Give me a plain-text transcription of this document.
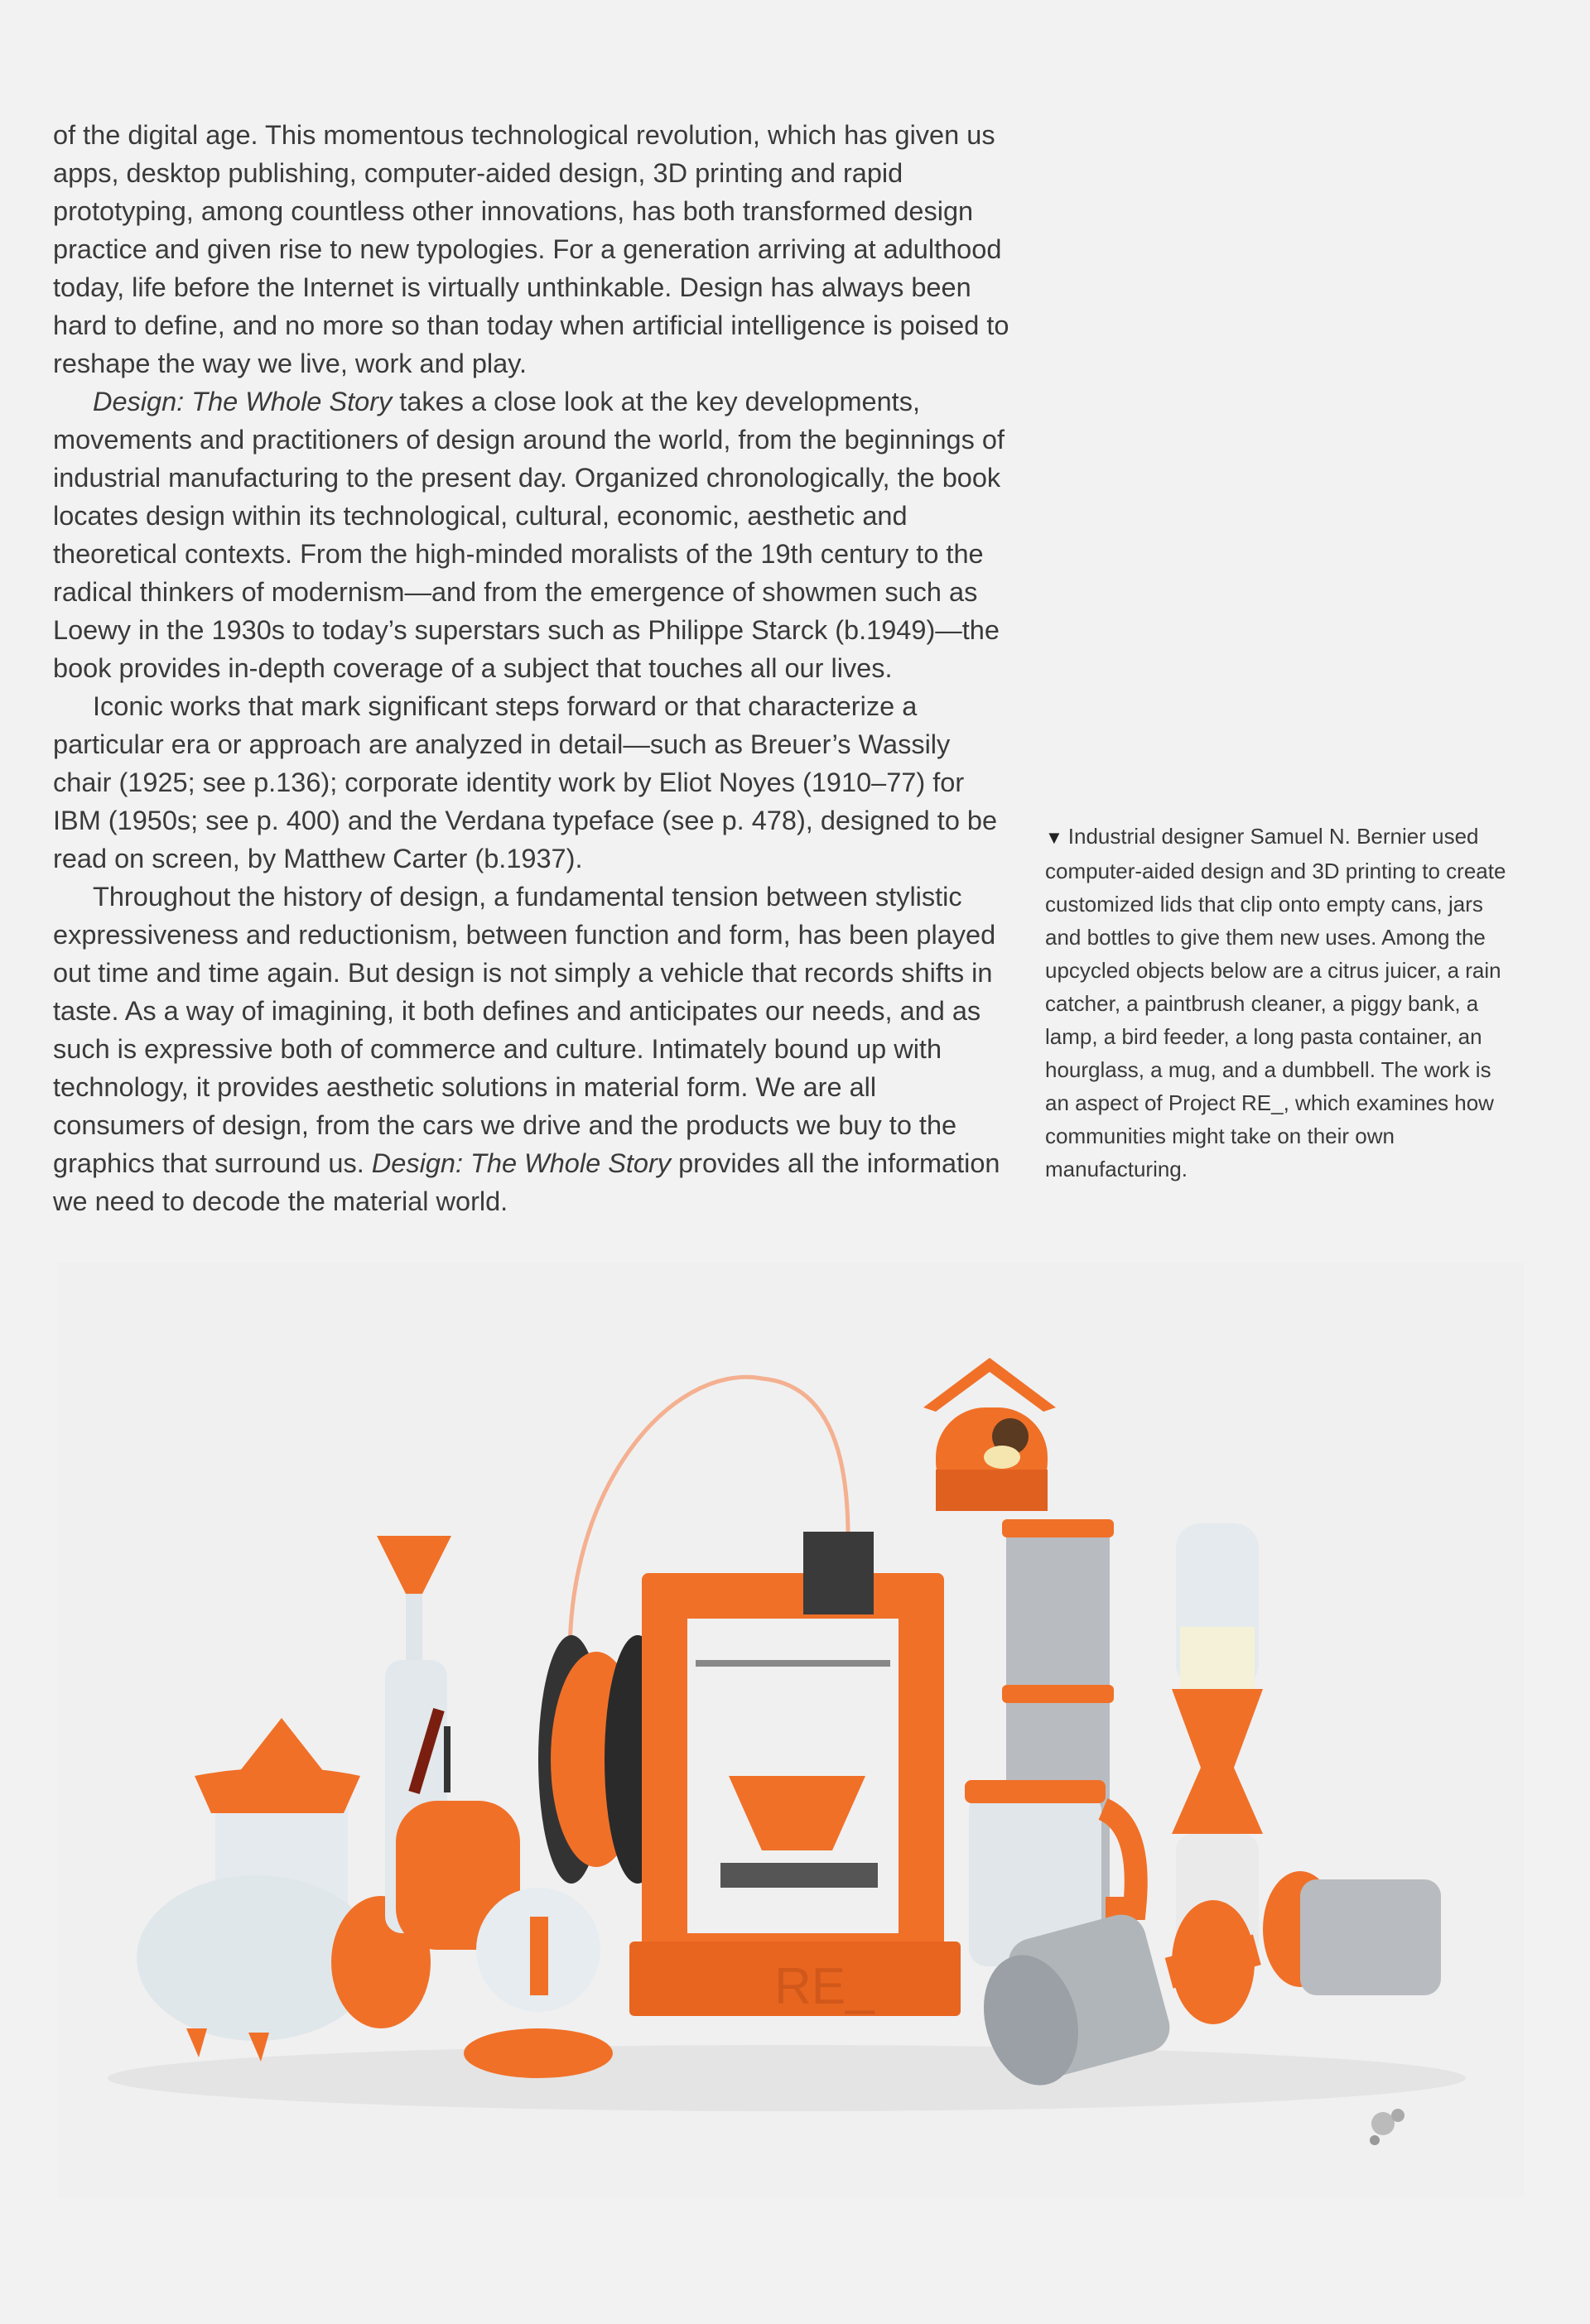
of the digital age. This momentous technological revolution, which has given us apps, desktop publishing, computer-aided design, 3D printing and rapid prototyping, among countless other innovations, has both transformed design practice and given rise to new typologies. For a generation arriving at adulthood today, life before the Internet is virtually unthinkable. Design has always been hard to define, and no more so than today when artificial intelligence is poised to reshape the way we live, work and play.

Design: The Whole Story takes a close look at the key developments, movements and practitioners of design around the world, from the beginnings of industrial manufacturing to the present day. Organized chronologically, the book locates design within its technological, cultural, economic, aesthetic and theoretical contexts. From the high-minded moralists of the 19th century to the radical thinkers of modernism—and from the emergence of showmen such as Loewy in the 1930s to today’s superstars such as Philippe Starck (b.1949)—the book provides in-depth coverage of a subject that touches all our lives.

Iconic works that mark significant steps forward or that characterize a particular era or approach are analyzed in detail—such as Breuer’s Wassily chair (1925; see p.136); corporate identity work by Eliot Noyes (1910–77) for IBM (1950s; see p. 400) and the Verdana typeface (see p. 478), designed to be read on screen, by Matthew Carter (b.1937).

Throughout the history of design, a fundamental tension between stylistic expressiveness and reductionism, between function and form, has been played out time and time again. But design is not simply a vehicle that records shifts in taste. As a way of imagining, it both defines and anticipates our needs, and as such is expressive both of commerce and culture. Intimately bound up with technology, it provides aesthetic solutions in material form. We are all consumers of design, from the cars we drive and the products we buy to the graphics that surround us. Design: The Whole Story provides all the information we need to decode the material world.

▼ Industrial designer Samuel N. Bernier used computer-aided design and 3D printing to create customized lids that clip onto empty cans, jars and bottles to give them new uses. Among the upcycled objects below are a citrus juicer, a rain catcher, a paintbrush cleaner, a piggy bank, a lamp, a bird feeder, a long pasta container, an hourglass, a mug, and a dumbbell. The work is an aspect of Project RE_, which examines how communities might take on their own manufacturing.
RE_
